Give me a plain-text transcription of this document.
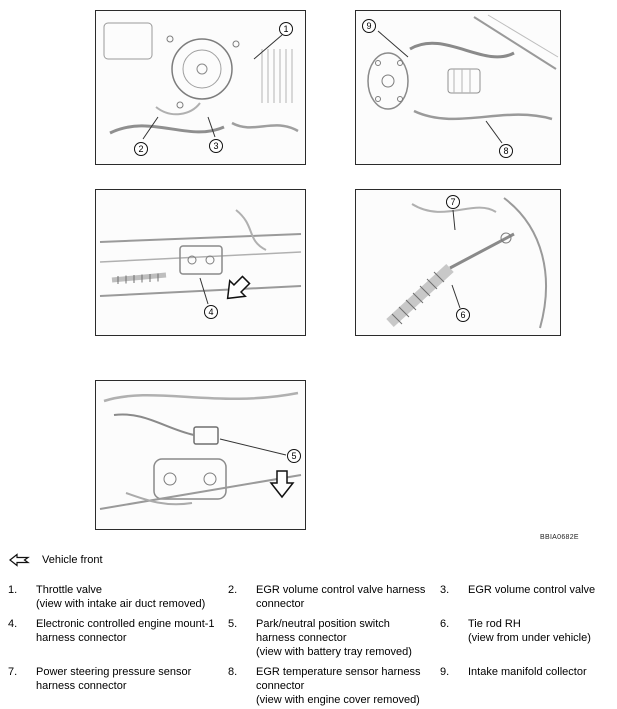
1
2	3
9
8
4
7
6
5
BBIA0682E
Vehicle front
1.	Throttle valve
(view with intake air duct removed)
2.	EGR volume control valve harness connector
3.	EGR volume control valve
4.	Electronic controlled engine mount-1 harness connector
5.	Park/neutral position switch harness connector
(view with battery tray removed)
6.	Tie rod RH
(view from under vehicle)
7.	Power steering pressure sensor harness connector
8.	EGR temperature sensor harness connector
(view with engine cover removed)
9.	Intake manifold collector
